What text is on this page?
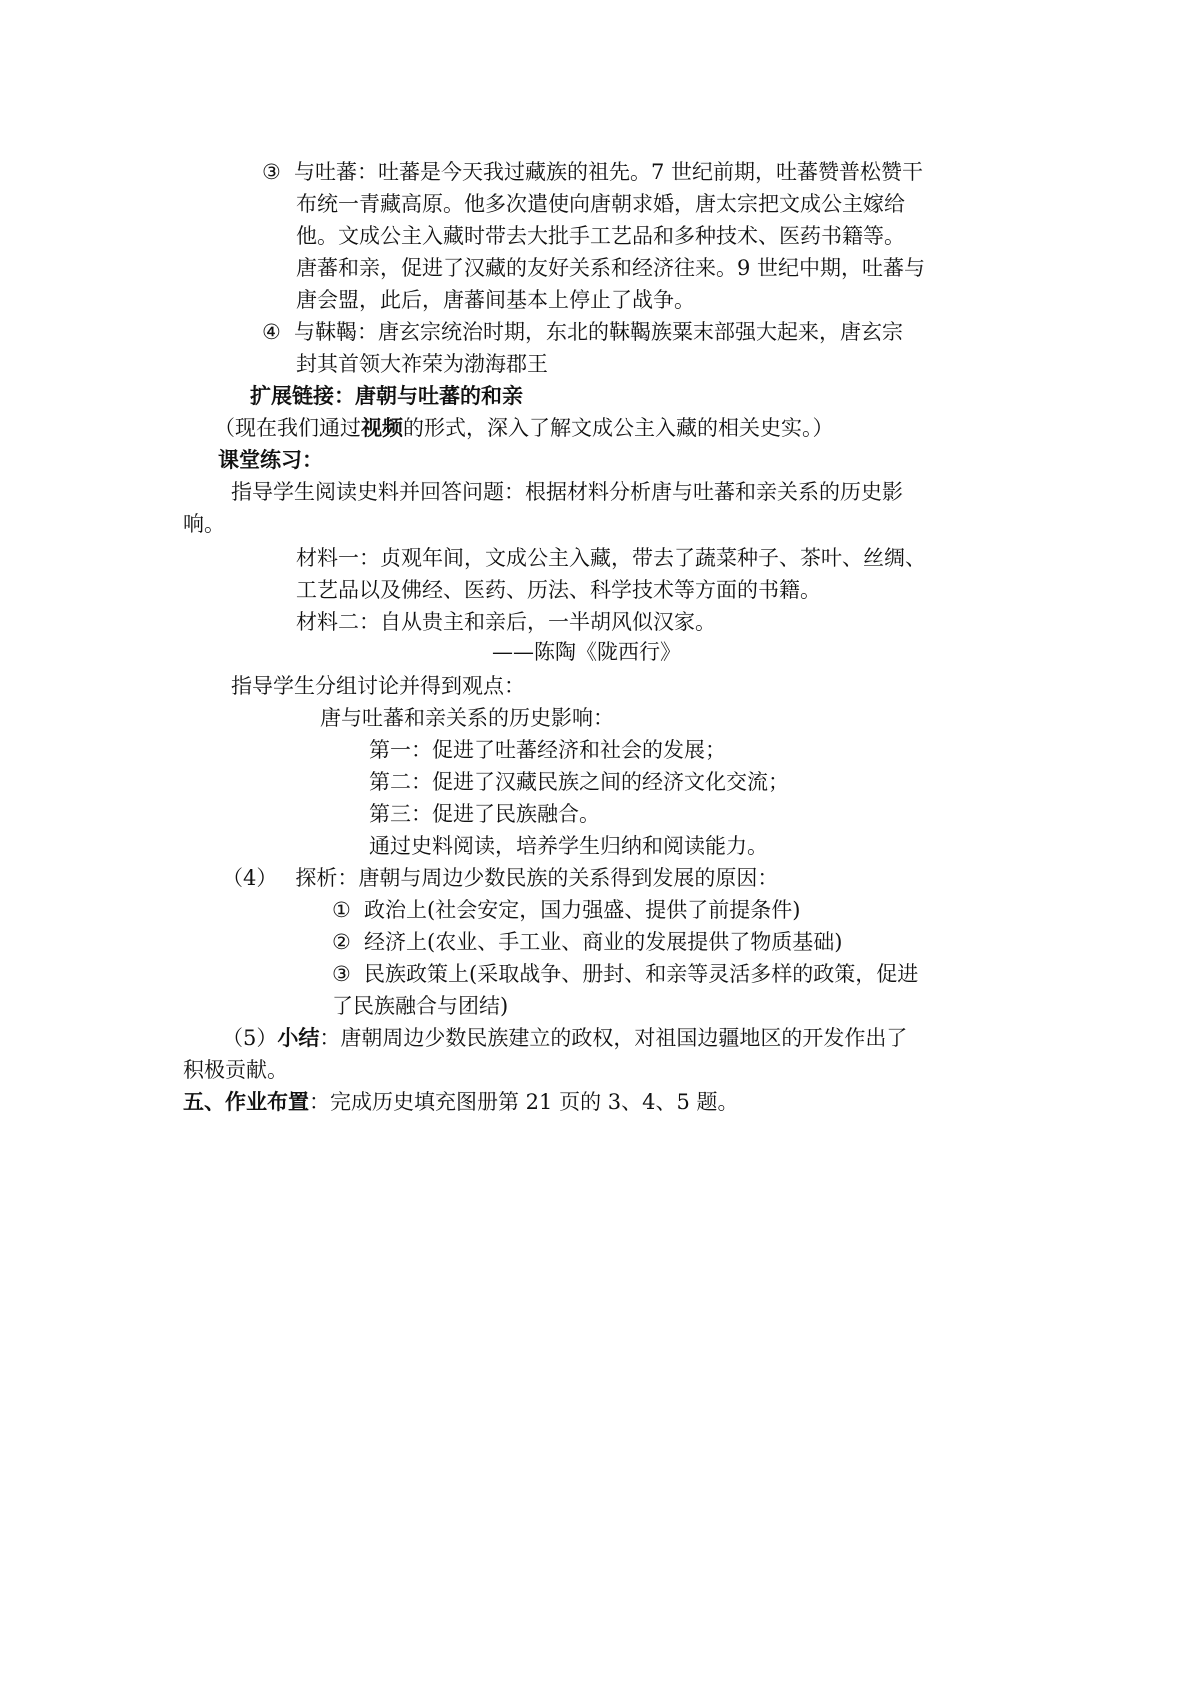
③ 与吐蕃：吐蕃是今天我过藏族的祖先。7 世纪前期，吐蕃赞普松赞干
布统一青藏高原。他多次遣使向唐朝求婚，唐太宗把文成公主嫁给
他。文成公主入藏时带去大批手工艺品和多种技术、医药书籍等。
唐蕃和亲，促进了汉藏的友好关系和经济往来。9 世纪中期，吐蕃与
唐会盟，此后，唐蕃间基本上停止了战争。
④ 与靺鞨：唐玄宗统治时期，东北的靺鞨族粟末部强大起来，唐玄宗
封其首领大祚荣为渤海郡王
扩展链接：唐朝与吐蕃的和亲
（现在我们通过视频的形式，深入了解文成公主入藏的相关史实。）
课堂练习：
指导学生阅读史料并回答问题：根据材料分析唐与吐蕃和亲关系的历史影
响。
材料一：贞观年间，文成公主入藏，带去了蔬菜种子、茶叶、丝绸、
工艺品以及佛经、医药、历法、科学技术等方面的书籍。
材料二：自从贵主和亲后，一半胡风似汉家。
——陈陶《陇西行》
指导学生分组讨论并得到观点：
唐与吐蕃和亲关系的历史影响：
第一：促进了吐蕃经济和社会的发展；
第二：促进了汉藏民族之间的经济文化交流；
第三：促进了民族融合。
通过史料阅读，培养学生归纳和阅读能力。
（4） 探析：唐朝与周边少数民族的关系得到发展的原因：
① 政治上(社会安定，国力强盛、提供了前提条件)
② 经济上(农业、手工业、商业的发展提供了物质基础)
③ 民族政策上(采取战争、册封、和亲等灵活多样的政策，促进
了民族融合与团结)
（5）小结：唐朝周边少数民族建立的政权，对祖国边疆地区的开发作出了
积极贡献。
五、作业布置：完成历史填充图册第 21 页的 3、4、5 题。
